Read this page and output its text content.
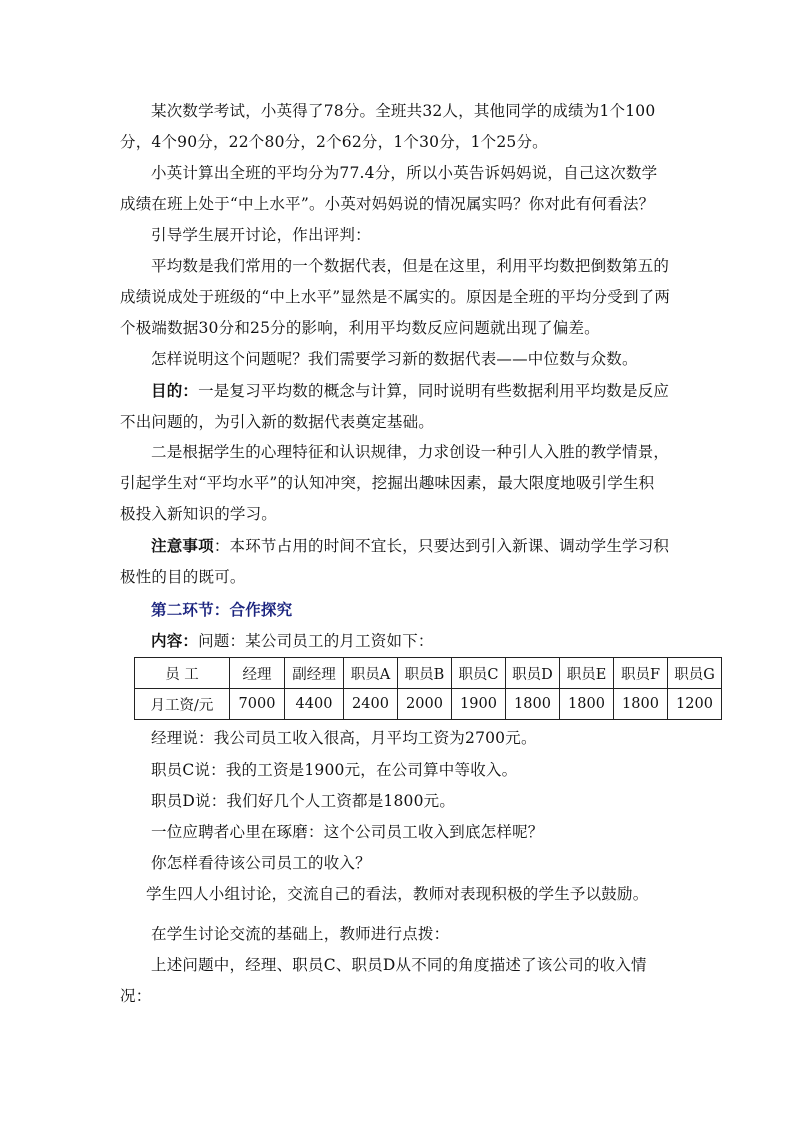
某次数学考试，小英得了78分。全班共32人，其他同学的成绩为1个100
分，4个90分，22个80分，2个62分，1个30分，1个25分。

小英计算出全班的平均分为77.4分，所以小英告诉妈妈说，自己这次数学
成绩在班上处于“中上水平”。小英对妈妈说的情况属实吗？你对此有何看法？

引导学生展开讨论，作出评判：

平均数是我们常用的一个数据代表，但是在这里，利用平均数把倒数第五的
成绩说成处于班级的“中上水平”显然是不属实的。原因是全班的平均分受到了两
个极端数据30分和25分的影响，利用平均数反应问题就出现了偏差。

怎样说明这个问题呢？我们需要学习新的数据代表——中位数与众数。

目的：一是复习平均数的概念与计算，同时说明有些数据利用平均数是反应
不出问题的，为引入新的数据代表奠定基础。

二是根据学生的心理特征和认识规律，力求创设一种引人入胜的教学情景，
引起学生对“平均水平”的认知冲突，挖掘出趣味因素，最大限度地吸引学生积
极投入新知识的学习。

注意事项：本环节占用的时间不宜长，只要达到引入新课、调动学生学习积
极性的目的既可。

第二环节：合作探究

内容：问题：某公司员工的月工资如下：

员 工	经理	副经理	职员A	职员B	职员C	职员D	职员E	职员F	职员G
月工资/元	7000	4400	2400	2000	1900	1800	1800	1800	1200

经理说：我公司员工收入很高，月平均工资为2700元。

职员C说：我的工资是1900元，在公司算中等收入。

职员D说：我们好几个人工资都是1800元。

一位应聘者心里在琢磨：这个公司员工收入到底怎样呢？

你怎样看待该公司员工的收入？

学生四人小组讨论，交流自己的看法，教师对表现积极的学生予以鼓励。

在学生讨论交流的基础上，教师进行点拨：

上述问题中，经理、职员C、职员D从不同的角度描述了该公司的收入情
况：
